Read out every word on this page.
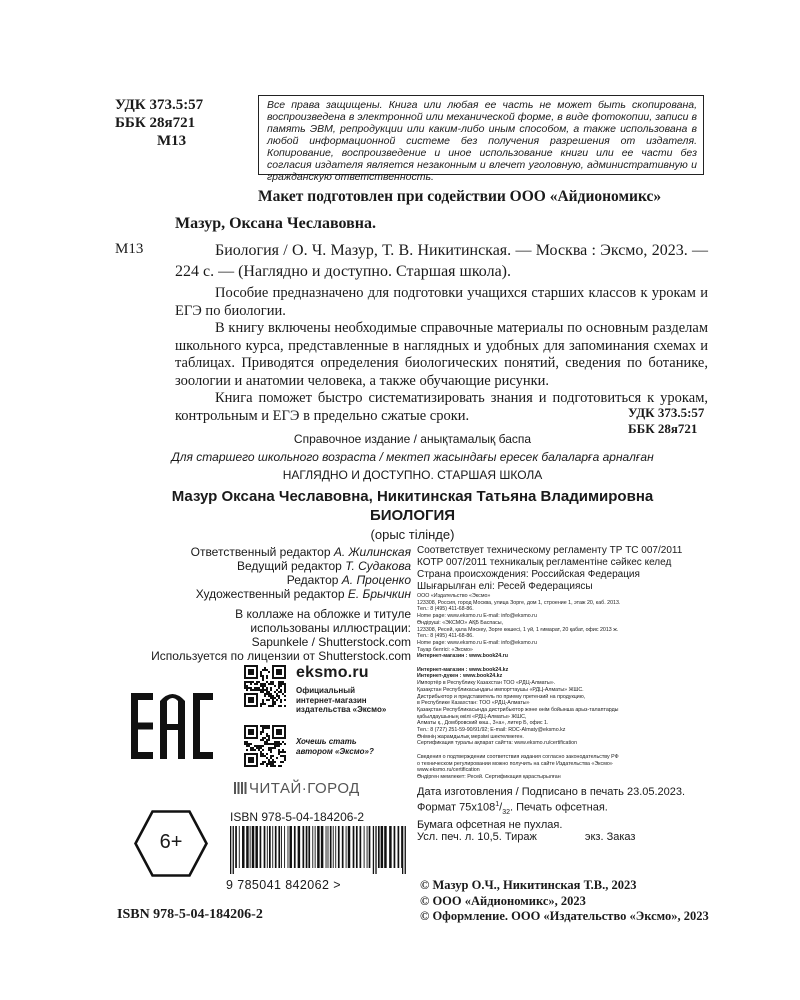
УДК 373.5:57
ББК 28я721
М13
Все права защищены. Книга или любая ее часть не может быть скопирована, воспроизведена в электронной или механической форме, в виде фотокопии, записи в память ЭВМ, репродукции или каким-либо иным способом, а также использована в любой информационной системе без получения разрешения от издателя. Копирование, воспроизведение и иное использование книги или ее части без согласия издателя является незаконным и влечет уголовную, административную и гражданскую ответственность.
Макет подготовлен при содействии ООО «Айдиономикс»
Мазур, Оксана Чеславовна.
М13	Биология / О. Ч. Мазур, Т. В. Никитинская. — Москва : Эксмо, 2023. — 224 с. — (Наглядно и доступно. Старшая школа).

Пособие предназначено для подготовки учащихся старших классов к урокам и ЕГЭ по биологии.

В книгу включены необходимые справочные материалы по основным разделам школьного курса, представленные в наглядных и удобных для запоминания схемах и таблицах. Приводятся определения биологических понятий, сведения по ботанике, зоологии и анатомии человека, а также обучающие рисунки.

Книга поможет быстро систематизировать знания и подготовиться к урокам, контрольным и ЕГЭ в предельно сжатые сроки.	УДК 373.5:57
ББК 28я721
Справочное издание / анықтамалық баспа
Для старшего школьного возраста / мектеп жасындағы ересек балаларға арналған
НАГЛЯДНО И ДОСТУПНО. СТАРШАЯ ШКОЛА
Мазур Оксана Чеславовна, Никитинская Татьяна Владимировна
БИОЛОГИЯ
(орыс тілінде)
Ответственный редактор А. Жилинская
Ведущий редактор Т. Судакова
Редактор А. Проценко
Художественный редактор Е. Брычкин
В коллаже на обложке и титуле
использованы иллюстрации:
Sapunkele / Shutterstock.com
Используется по лицензии от Shutterstock.com
Соответствует техническому регламенту ТР ТС 007/2011
КОТР 007/2011 техникалық регламентіне сәйкес келед
Страна происхождения: Российская Федерация
Шығарылған елі: Ресей Федерациясы
ООО «Издательство «Эксмо»
123308, Россия, город Москва, улица Зорге, дом 1, строение 1, этаж 20, каб. 2013.
Тел.: 8 (495) 411-68-86.
Home page: www.eksmo.ru E-mail: info@eksmo.ru
Өндіруші: «ЭКСМО» АҚБ Баспасы,
123308, Ресей, қала Мәскеу, Зорге көшесі, 1 үй, 1 ғимарат, 20 қабат, офис 2013 ж.
Тел.: 8 (495) 411-68-86.
Home page: www.eksmo.ru E-mail: info@eksmo.ru
Тауар белгісі: «Эксмо»
Интернет-магазин : www.book24.ru

Интернет-магазин : www.book24.kz
Интернет-дүкен : www.book24.kz
Импортёр в Республику Казахстан ТОО «РДЦ-Алматы».
Қазақстан Республикасындағы импорттаушы «РДЦ-Алматы» ЖШС.
Дистрибьютор и представитель по приему претензий на продукцию,
в Республике Казахстан: ТОО «РДЦ-Алматы»
Қазақстан Республикасында дистрибьютор және өнім бойынша арыз-талаптарды
қабылдаушының өкілі «РДЦ-Алматы» ЖШС,
Алматы қ., Домбровский көш., 3«а», литер Б, офис 1.
Тел.: 8 (727) 251-59-90/91/92; E-mail: RDC-Almaty@eksmo.kz
Өнімнің жарамдылық мерзімі шектелмеген.
Сертификация туралы ақпарат сайтта: www.eksmo.ru/certification

Сведения о подтверждении соответствия издания согласно законодательству РФ
о техническом регулировании можно получить на сайте Издательства «Эксмо»
www.eksmo.ru/certification
Өндірген мемлекет: Ресей. Сертификация қарастырылған
Дата изготовления / Подписано в печать 23.05.2023.
Формат $75х108^1/_{32}$. Печать офсетная.
Бумага офсетная не пухлая.
Усл. печ. л. 10,5. Тираж	экз. Заказ
eksmo.ru
Официальный
интернет-магазин
издательства «Эксмо»
Хочешь стать
автором «Эксмо»?
ЧИТАЙ·ГОРОД
6+
ISBN 978-5-04-184206-2
9 785041 842062 >
ISBN 978-5-04-184206-2
© Мазур О.Ч., Никитинская Т.В., 2023
© ООО «Айдиономикс», 2023
© Оформление. ООО «Издательство «Эксмо», 2023
